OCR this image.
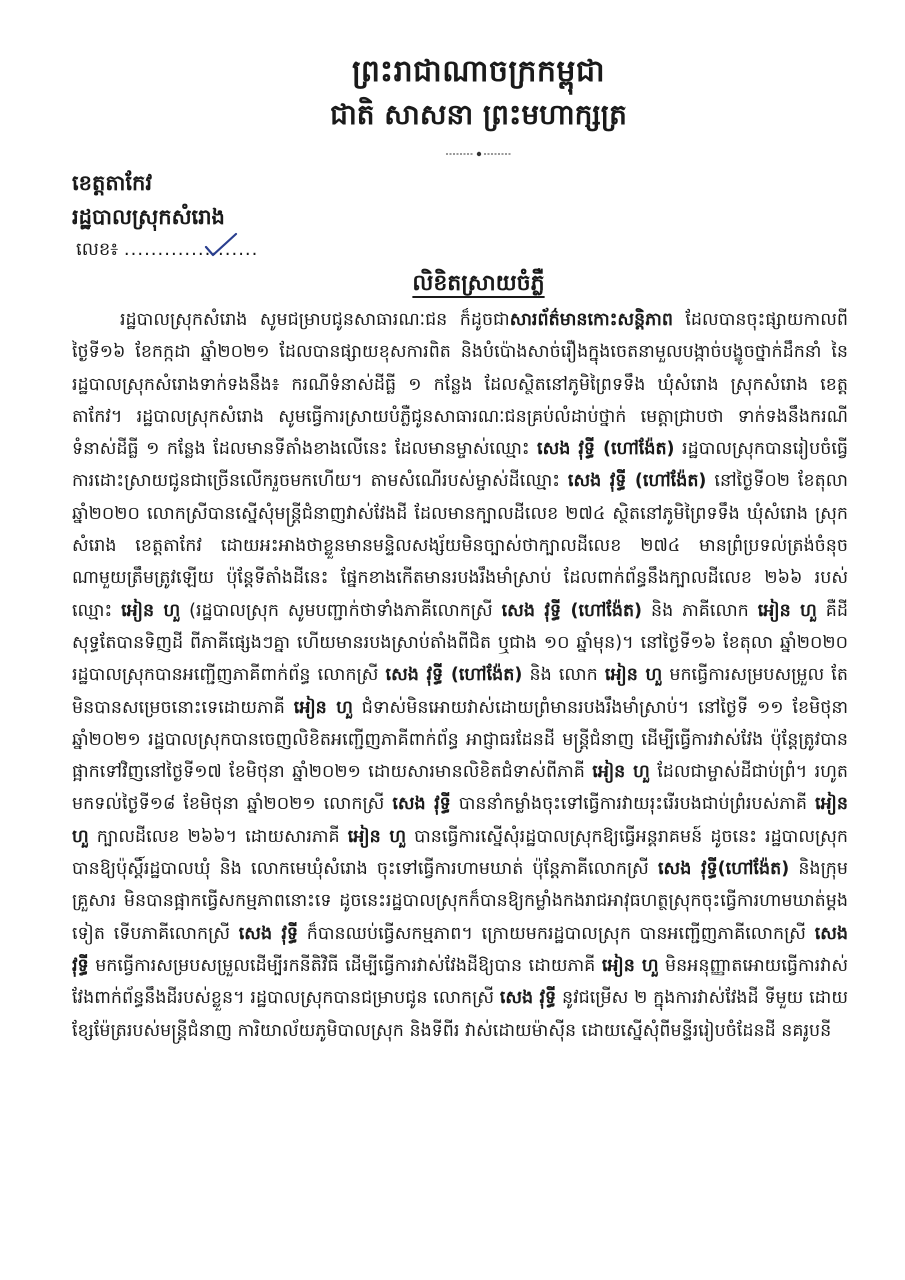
ព្រះរាជាណាចក្រកម្ពុជា
ជាតិ សាសនា ព្រះមហាក្សត្រ
ខេត្តតាកែវ
រដ្ឋបាលស្រុកសំរោង
លេខ៖ ....................
លិខិតស្រាយចំភ្លឺ

រដ្ឋបាលស្រុកសំរោង សូមជម្រាបជូនសាធារណៈជន ក៏ដូចជាសារព័ត៌មានកោះសន្តិភាព ដែលបានចុះផ្សាយកាលពីថ្ងៃទី១៦ ខែកក្កដា ឆ្នាំ២០២១ ដែលបានផ្សាយខុសការពិត និងបំប៉ោងសាច់រឿងក្នុងចេតនាមួលបង្កាច់បង្ខូចថ្នាក់ដឹកនាំ នៃរដ្ឋបាលស្រុកសំរោងទាក់ទងនឹង៖ ករណីទំនាស់ដីធ្លី ១ កន្លែង ដែលស្ថិតនៅភូមិព្រៃទទឹង ឃុំសំរោង ស្រុកសំរោង ខេត្តតាកែវ។ រដ្ឋបាលស្រុកសំរោង សូមធ្វើការស្រាយបំភ្លឺជូនសាធារណៈជនគ្រប់លំដាប់ថ្នាក់ មេត្តាជ្រាបថា ទាក់ទងនឹងករណីទំនាស់ដីធ្លី ១ កន្លែង ដែលមានទីតាំងខាងលើនេះ ដែលមានម្ចាស់ឈ្មោះ សេង វុទ្ធី (ហៅង៉ែត) រដ្ឋបាលស្រុកបានរៀបចំធ្វើការដោះស្រាយជូនជាច្រើនលើករួចមកហើយ។ តាមសំណើរបស់ម្ចាស់ដីឈ្មោះ សេង វុទ្ធី (ហៅង៉ែត) នៅថ្ងៃទី០២ ខែតុលា ឆ្នាំ២០២០ លោកស្រីបានស្នើសុំមន្ត្រីជំនាញវាស់វែងដី ដែលមានក្បាលដីលេខ ២៧៤ ស្ថិតនៅភូមិព្រៃទទឹង ឃុំសំរោង ស្រុកសំរោង ខេត្តតាកែវ ដោយអះអាងថាខ្លួនមានមន្ទិលសង្ស័យមិនច្បាស់ថាក្បាលដីលេខ ២៧៤ មានព្រំប្រទល់ត្រង់ចំនុចណាមួយត្រឹមត្រូវឡើយ ប៉ុន្តែទីតាំងដីនេះ ផ្នែកខាងកើតមានរបងរឹងមាំស្រាប់ ដែលពាក់ព័ន្ធនឹងក្បាលដីលេខ ២៦៦ របស់ឈ្មោះ អៀន ហួ (រដ្ឋបាលស្រុក សូមបញ្ជាក់ថាទាំងភាគីលោកស្រី សេង វុទ្ធី (ហៅង៉ែត) និង ភាគីលោក អៀន ហួ គឺដីសុទ្ធតែបានទិញដី ពីភាគីផ្សេងៗគ្នា ហើយមានរបងស្រាប់តាំងពីជិត ឬជាង ១០ ឆ្នាំមុន)។ នៅថ្ងៃទី១៦ ខែតុលា ឆ្នាំ២០២០ រដ្ឋបាលស្រុកបានអញ្ជើញភាគីពាក់ព័ន្ធ លោកស្រី សេង វុទ្ធី (ហៅង៉ែត) និង លោក អៀន ហួ មកធ្វើការសម្របសម្រួល តែមិនបានសម្រេចនោះទេដោយភាគី អៀន ហួ ជំទាស់មិនអោយវាស់ដោយព្រំមានរបងរឹងមាំស្រាប់។ នៅថ្ងៃទី ១១ ខែមិថុនា ឆ្នាំ២០២១ រដ្ឋបាលស្រុកបានចេញលិខិតអញ្ជើញភាគីពាក់ព័ន្ធ អាជ្ញាធរដែនដី មន្ត្រីជំនាញ ដើម្បីធ្វើការវាស់វែង ប៉ុន្តែត្រូវបានផ្អាកទៅវិញនៅថ្ងៃទី១៧ ខែមិថុនា ឆ្នាំ២០២១ ដោយសារមានលិខិតជំទាស់ពីភាគី អៀន ហួ ដែលជាម្ចាស់ដីជាប់ព្រំ។ រហូតមកទល់ថ្ងៃទី១៨ ខែមិថុនា ឆ្នាំ២០២១ លោកស្រី សេង វុទ្ធី បាននាំកម្លាំងចុះទៅធ្វើការវាយរុះរើរបងជាប់ព្រំរបស់ភាគី អៀន ហួ ក្បាលដីលេខ ២៦៦។ ដោយសារភាគី អៀន ហួ បានធ្វើការស្នើសុំរដ្ឋបាលស្រុកឱ្យធ្វើអន្តរាគមន៍ ដូចនេះ រដ្ឋបាលស្រុកបានឱ្យប៉ុស្តិ៍រដ្ឋបាលឃុំ និង លោកមេឃុំសំរោង ចុះទៅធ្វើការហាមឃាត់ ប៉ុន្តែភាគីលោកស្រី សេង វុទ្ធី(ហៅង៉ែត) និងក្រុមគ្រួសារ មិនបានផ្អាកធ្វើសកម្មភាពនោះទេ ដូចនេះរដ្ឋបាលស្រុកក៏បានឱ្យកម្លាំងកងរាជអាវុធហត្ថស្រុកចុះធ្វើការហាមឃាត់ម្តងទៀត ទើបភាគីលោកស្រី សេង វុទ្ធី ក៏បានឈប់ធ្វើសកម្មភាព។ ក្រោយមករដ្ឋបាលស្រុក បានអញ្ជើញភាគីលោកស្រី សេង វុទ្ធី មកធ្វើការសម្របសម្រួលដើម្បីរកនីតិវិធី ដើម្បីធ្វើការវាស់វែងដីឱ្យបាន ដោយភាគី អៀន ហួ មិនអនុញ្ញាតអោយធ្វើការវាស់វែងពាក់ព័ន្ធនឹងដីរបស់ខ្លួន។ រដ្ឋបាលស្រុកបានជម្រាបជូន លោកស្រី សេង វុទ្ធី នូវជម្រើស ២ ក្នុងការវាស់វែងដី ទីមួយ ដោយខ្សែម៉ែត្ររបស់មន្ត្រីជំនាញ ការិយាល័យភូមិបាលស្រុក និងទីពីរ វាស់ដោយម៉ាស៊ីន ដោយស្នើសុំពីមន្ទីររៀបចំដែនដី នគរូបនី
